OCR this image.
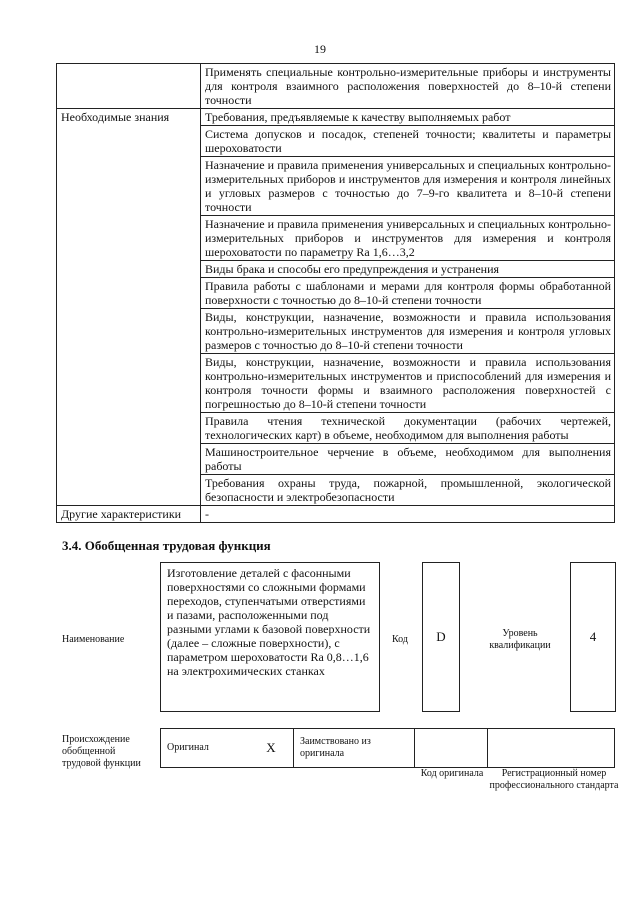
19
	Применять специальные контрольно-измерительные приборы и инструменты для контроля взаимного расположения поверхностей до 8–10-й степени точности
Необходимые знания	Требования, предъявляемые к качеству выполняемых работ
	Система допусков и посадок, степеней точности; квалитеты и параметры шероховатости
	Назначение и правила применения универсальных и специальных контрольно-измерительных приборов и инструментов для измерения и контроля линейных и угловых размеров с точностью до 7–9-го квалитета и 8–10-й степени точности
	Назначение и правила применения универсальных и специальных контрольно-измерительных приборов и инструментов для измерения и контроля шероховатости по параметру Ra 1,6…3,2
	Виды брака и способы его предупреждения и устранения
	Правила работы с шаблонами и мерами для контроля формы обработанной поверхности с точностью до 8–10-й степени точности
	Виды, конструкции, назначение, возможности и правила использования контрольно-измерительных инструментов для измерения и контроля угловых размеров с точностью до 8–10-й степени точности
	Виды, конструкции, назначение, возможности и правила использования контрольно-измерительных инструментов и приспособлений для измерения и контроля точности формы и взаимного расположения поверхностей с погрешностью до 8–10-й степени точности
	Правила чтения технической документации (рабочих чертежей, технологических карт) в объеме, необходимом для выполнения работы
	Машиностроительное черчение в объеме, необходимом для выполнения работы
	Требования охраны труда, пожарной, промышленной, экологической безопасности и электробезопасности
Другие характеристики	-
3.4. Обобщенная трудовая функция
Наименование
Изготовление деталей с фасонными поверхностями со сложными формами переходов, ступенчатыми отверстиями и пазами, расположенными под разными углами к базовой поверхности (далее – сложные поверхности), с параметром шероховатости Ra 0,8…1,6 на электрохимических станках
Код	D	Уровень квалификации
4
Происхождение обобщенной трудовой функции
Оригинал	X	Заимствовано из оригинала		
Код оригинала	Регистрационный номер профессионального стандарта
